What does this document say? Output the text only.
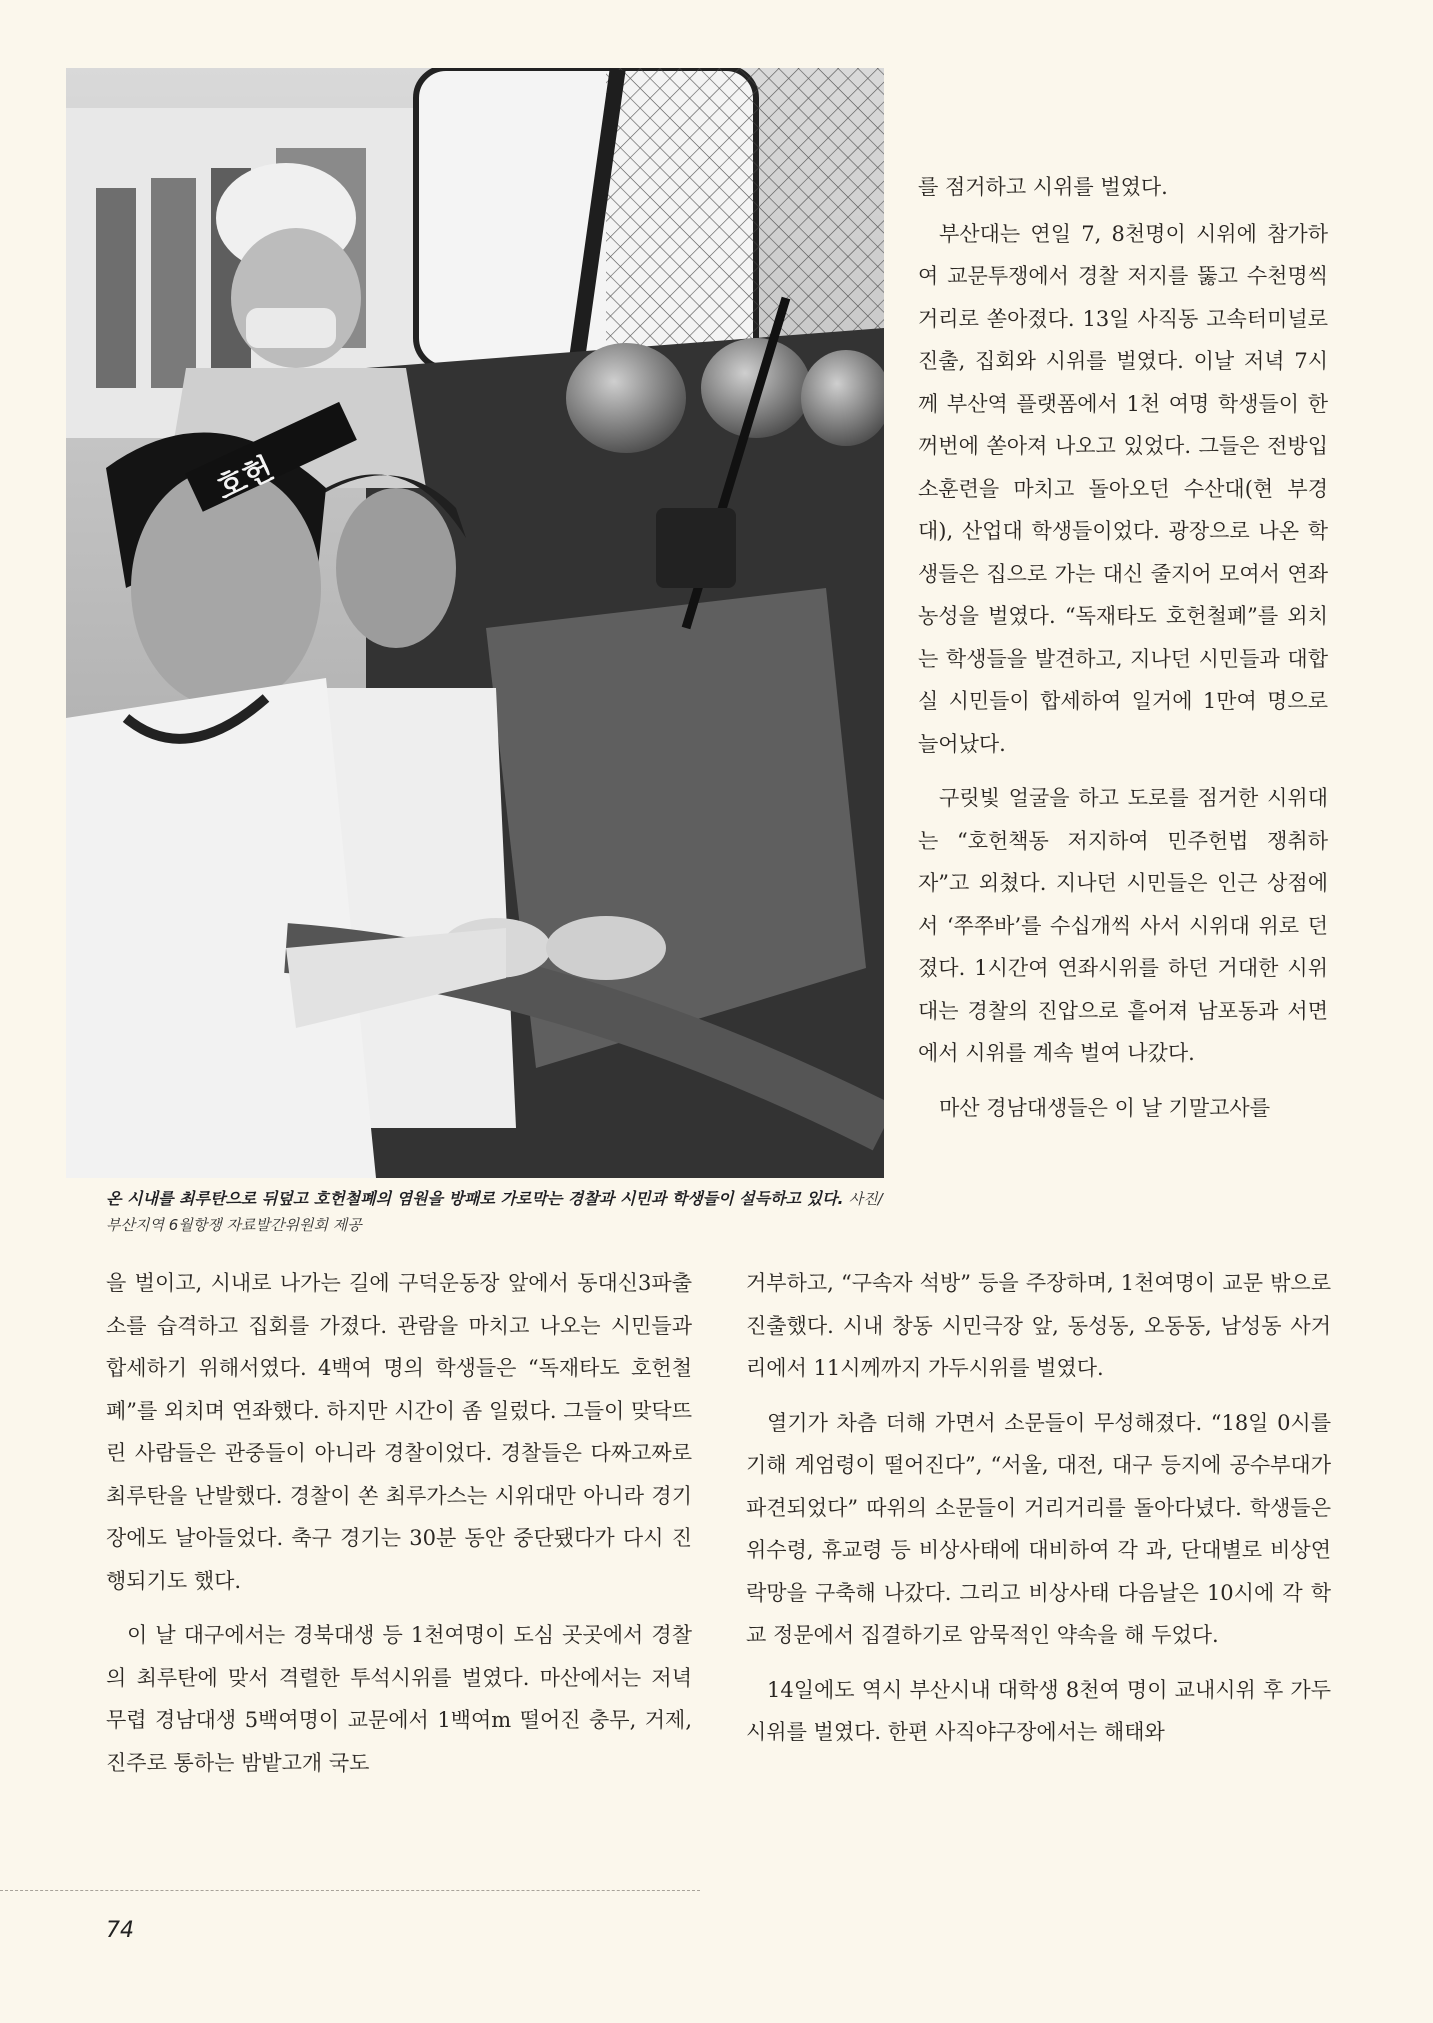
호헌
온 시내를 최루탄으로 뒤덮고 호헌철폐의 염원을 방패로 가로막는 경찰과 시민과 학생들이 설득하고 있다. 사진/ 부산지역 6월항쟁 자료발간위원회 제공

를 점거하고 시위를 벌였다.

부산대는 연일 7, 8천명이 시위에 참가하여 교문투쟁에서 경찰 저지를 뚫고 수천명씩 거리로 쏟아졌다. 13일 사직동 고속터미널로 진출, 집회와 시위를 벌였다. 이날 저녁 7시께 부산역 플랫폼에서 1천 여명 학생들이 한꺼번에 쏟아져 나오고 있었다. 그들은 전방입소훈련을 마치고 돌아오던 수산대(현 부경대), 산업대 학생들이었다. 광장으로 나온 학생들은 집으로 가는 대신 줄지어 모여서 연좌 농성을 벌였다. “독재타도 호헌철폐”를 외치는 학생들을 발견하고, 지나던 시민들과 대합실 시민들이 합세하여 일거에 1만여 명으로 늘어났다.

구릿빛 얼굴을 하고 도로를 점거한 시위대는 “호헌책동 저지하여 민주헌법 쟁취하자”고 외쳤다. 지나던 시민들은 인근 상점에서 ‘쭈쭈바’를 수십개씩 사서 시위대 위로 던졌다. 1시간여 연좌시위를 하던 거대한 시위대는 경찰의 진압으로 흩어져 남포동과 서면에서 시위를 계속 벌여 나갔다.

마산 경남대생들은 이 날 기말고사를

을 벌이고, 시내로 나가는 길에 구덕운동장 앞에서 동대신3파출소를 습격하고 집회를 가졌다. 관람을 마치고 나오는 시민들과 합세하기 위해서였다. 4백여 명의 학생들은 “독재타도 호헌철폐”를 외치며 연좌했다. 하지만 시간이 좀 일렀다. 그들이 맞닥뜨린 사람들은 관중들이 아니라 경찰이었다. 경찰들은 다짜고짜로 최루탄을 난발했다. 경찰이 쏜 최루가스는 시위대만 아니라 경기장에도 날아들었다. 축구 경기는 30분 동안 중단됐다가 다시 진행되기도 했다.

이 날 대구에서는 경북대생 등 1천여명이 도심 곳곳에서 경찰의 최루탄에 맞서 격렬한 투석시위를 벌였다. 마산에서는 저녁 무렵 경남대생 5백여명이 교문에서 1백여m 떨어진 충무, 거제, 진주로 통하는 밤밭고개 국도

거부하고, “구속자 석방” 등을 주장하며, 1천여명이 교문 밖으로 진출했다. 시내 창동 시민극장 앞, 동성동, 오동동, 남성동 사거리에서 11시께까지 가두시위를 벌였다.

열기가 차츰 더해 가면서 소문들이 무성해졌다. “18일 0시를 기해 계엄령이 떨어진다”, “서울, 대전, 대구 등지에 공수부대가 파견되었다” 따위의 소문들이 거리거리를 돌아다녔다. 학생들은 위수령, 휴교령 등 비상사태에 대비하여 각 과, 단대별로 비상연락망을 구축해 나갔다. 그리고 비상사태 다음날은 10시에 각 학교 정문에서 집결하기로 암묵적인 약속을 해 두었다.

14일에도 역시 부산시내 대학생 8천여 명이 교내시위 후 가두시위를 벌였다. 한편 사직야구장에서는 해태와

74
